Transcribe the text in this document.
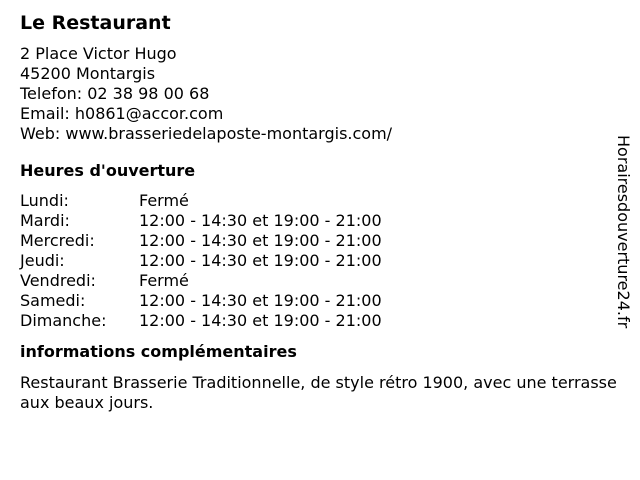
Le Restaurant
2 Place Victor Hugo
45200 Montargis
Telefon: 02 38 98 00 68
Email: h0861@accor.com
Web: www.brasseriedelaposte-montargis.com/
Heures d'ouverture
Lundi:	Fermé
Mardi:	12:00 - 14:30 et 19:00 - 21:00
Mercredi:	12:00 - 14:30 et 19:00 - 21:00
Jeudi:	12:00 - 14:30 et 19:00 - 21:00
Vendredi:	Fermé
Samedi:	12:00 - 14:30 et 19:00 - 21:00
Dimanche:	12:00 - 14:30 et 19:00 - 21:00
informations complémentaires
Restaurant Brasserie Traditionnelle, de style rétro 1900, avec une terrasse aux beaux jours.
Horairesdouverture24.fr
